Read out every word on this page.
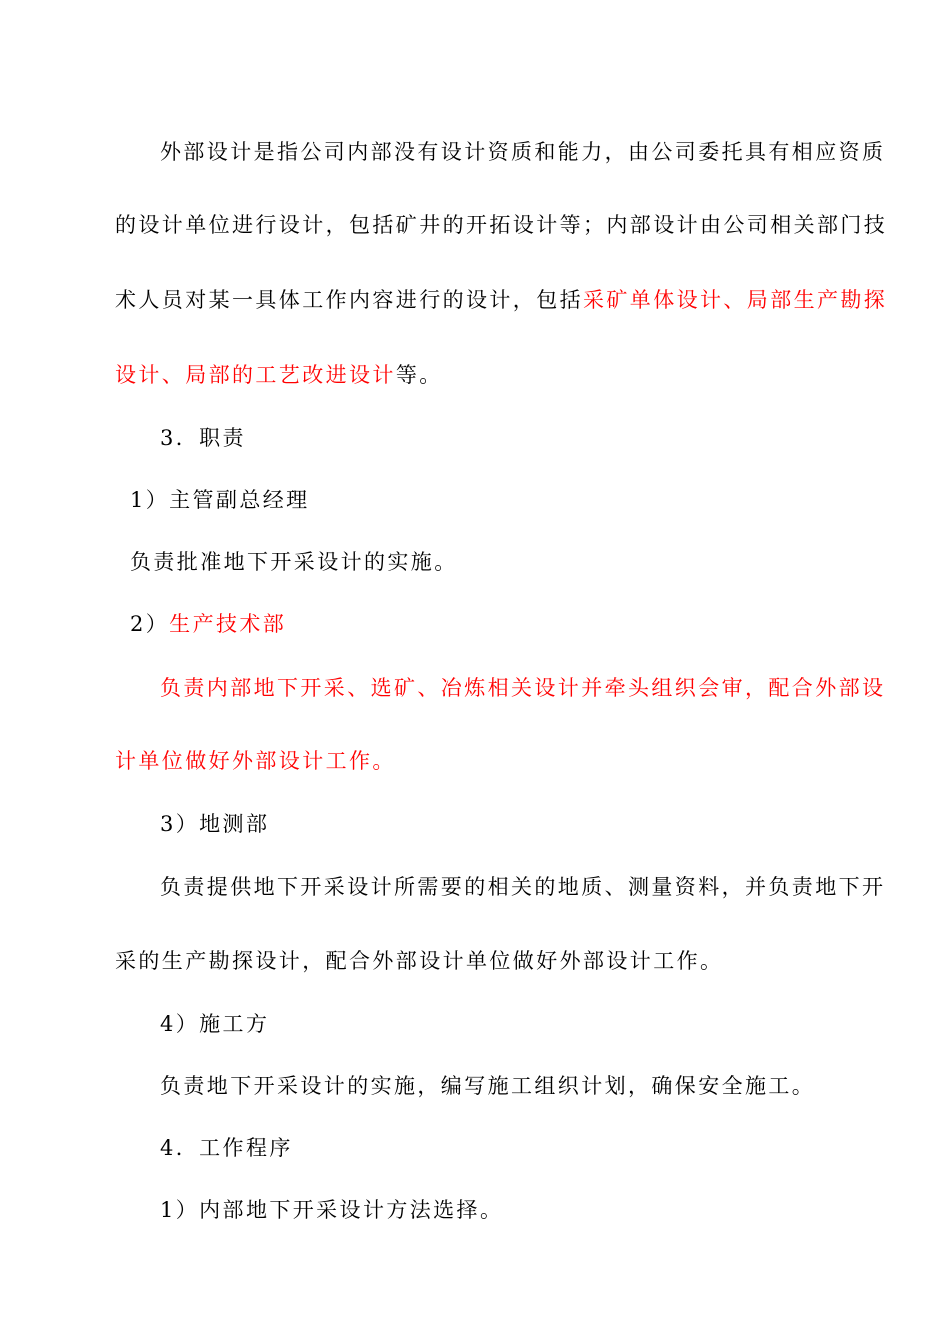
外部设计是指公司内部没有设计资质和能力，由公司委托具有相应资质
的设计单位进行设计，包括矿井的开拓设计等；内部设计由公司相关部门技
术人员对某一具体工作内容进行的设计，包括采矿单体设计、局部生产勘探
设计、局部的工艺改进设计等。
3．职责
1）主管副总经理
负责批准地下开采设计的实施。
2）生产技术部
负责内部地下开采、选矿、冶炼相关设计并牵头组织会审，配合外部设
计单位做好外部设计工作。
3）地测部
负责提供地下开采设计所需要的相关的地质、测量资料，并负责地下开
采的生产勘探设计，配合外部设计单位做好外部设计工作。
4）施工方
负责地下开采设计的实施，编写施工组织计划，确保安全施工。
4．工作程序
1）内部地下开采设计方法选择。
